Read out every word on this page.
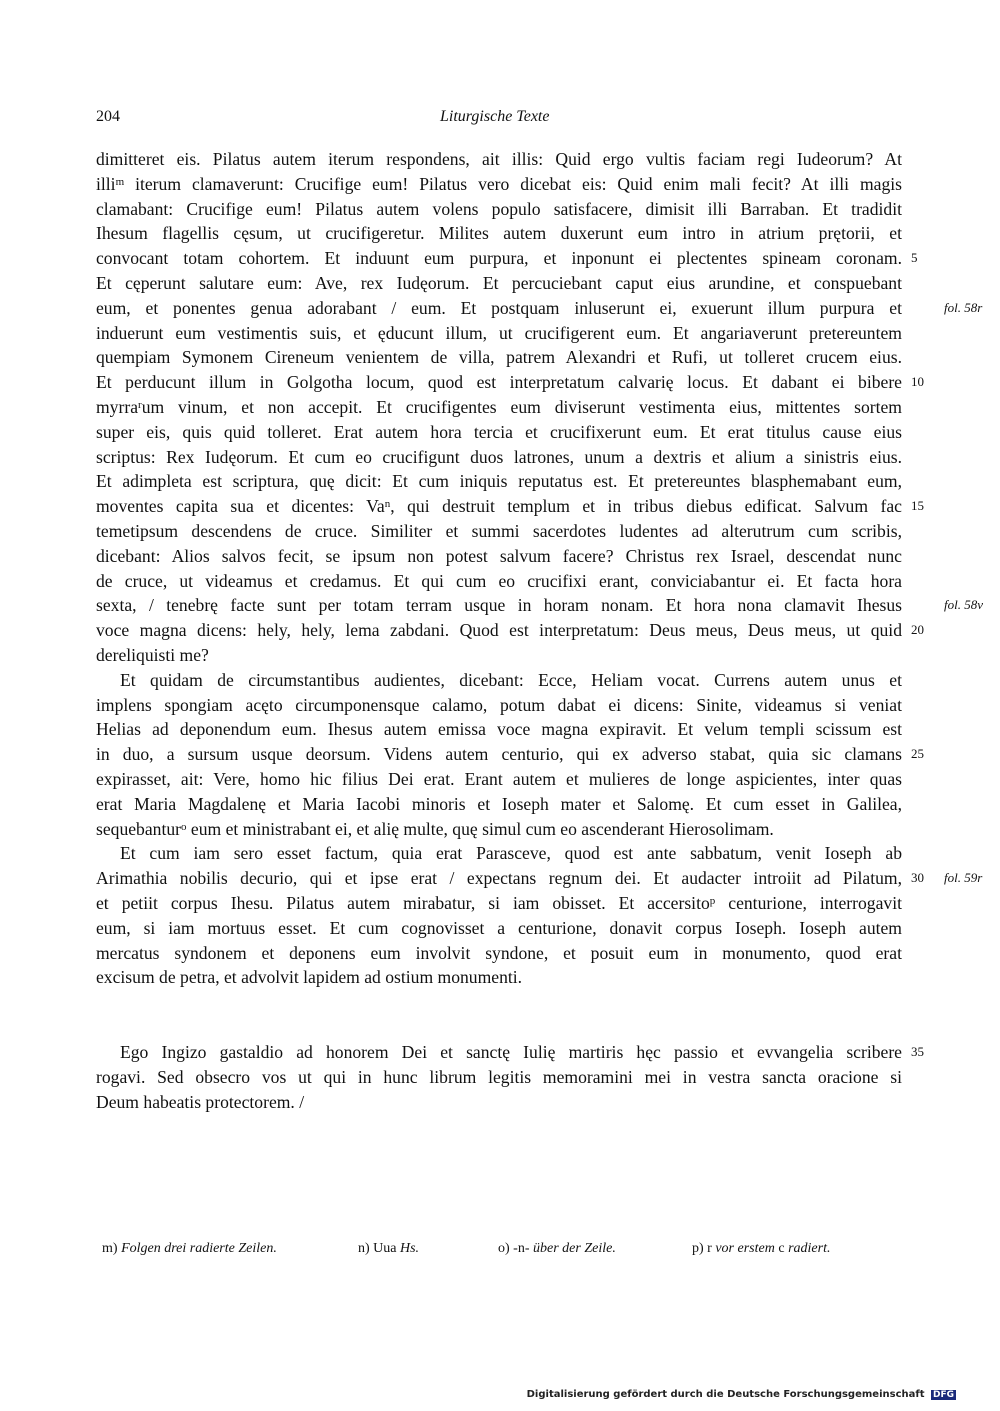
204	Liturgische Texte
dimitteret eis. Pilatus autem iterum respondens, ait illis: Quid ergo vultis faciam regi Iudeorum? At
illi$^m$ iterum clamaverunt: Crucifige eum! Pilatus vero dicebat eis: Quid enim mali fecit? At illi magis
clamabant: Crucifige eum! Pilatus autem volens populo satisfacere, dimisit illi Barraban. Et tradidit
Ihesum flagellis cęsum, ut crucifigeretur. Milites autem duxerunt eum intro in atrium prętorii, et
convocant totam cohortem. Et induunt eum purpura, et inponunt ei plectentes spineam coronam. 5
Et cęperunt salutare eum: Ave, rex Iudęorum. Et percuciebant caput eius arundine, et conspuebant
eum, et ponentes genua adorabant / eum. Et postquam inluserunt ei, exuerunt illum purpura et	fol. 58r
induerunt eum vestimentis suis, et ęducunt illum, ut crucifigerent eum. Et angariaverunt pretereuntem
quempiam Symonem Cireneum venientem de villa, patrem Alexandri et Rufi, ut tolleret crucem eius.
Et perducunt illum in Golgotha locum, quod est interpretatum calvarię locus. Et dabant ei bibere 10
myrra$^r$um vinum, et non accepit. Et crucifigentes eum diviserunt vestimenta eius, mittentes sortem
super eis, quis quid tolleret. Erat autem hora tercia et crucifixerunt eum. Et erat titulus cause eius
scriptus: Rex Iudęorum. Et cum eo crucifigunt duos latrones, unum a dextris et alium a sinistris eius.
Et adimpleta est scriptura, quę dicit: Et cum iniquis reputatus est. Et pretereuntes blasphemabant eum,
moventes capita sua et dicentes: Va$^n$, qui destruit templum et in tribus diebus edificat. Salvum fac 15
temetipsum descendens de cruce. Similiter et summi sacerdotes ludentes ad alterutrum cum scribis,
dicebant: Alios salvos fecit, se ipsum non potest salvum facere? Christus rex Israel, descendat nunc
de cruce, ut videamus et credamus. Et qui cum eo crucifixi erant, conviciabantur ei. Et facta hora
sexta, / tenebrę facte sunt per totam terram usque in horam nonam. Et hora nona clamavit Ihesus	fol. 58v
voce magna dicens: hely, hely, lema zabdani. Quod est interpretatum: Deus meus, Deus meus, ut quid 20
dereliquisti me?
Et quidam de circumstantibus audientes, dicebant: Ecce, Heliam vocat. Currens autem unus et
implens spongiam acęto circumponensque calamo, potum dabat ei dicens: Sinite, videamus si veniat
Helias ad deponendum eum. Ihesus autem emissa voce magna expiravit. Et velum templi scissum est
in duo, a sursum usque deorsum. Videns autem centurio, qui ex adverso stabat, quia sic clamans 25
expirasset, ait: Vere, homo hic filius Dei erat. Erant autem et mulieres de longe aspicientes, inter quas
erat Maria Magdalenę et Maria Iacobi minoris et Ioseph mater et Salomę. Et cum esset in Galilea,
sequebantur$^o$ eum et ministrabant ei, et alię multe, quę simul cum eo ascenderant Hierosolimam.
Et cum iam sero esset factum, quia erat Parasceve, quod est ante sabbatum, venit Ioseph ab
Arimathia nobilis decurio, qui et ipse erat / expectans regnum dei. Et audacter introiit ad Pilatum, 30 fol. 59r
et petiit corpus Ihesu. Pilatus autem mirabatur, si iam obisset. Et accersito$^p$ centurione, interrogavit
eum, si iam mortuus esset. Et cum cognovisset a centurione, donavit corpus Ioseph. Ioseph autem
mercatus syndonem et deponens eum involvit syndone, et posuit eum in monumento, quod erat
excisum de petra, et advolvit lapidem ad ostium monumenti.
Ego Ingizo gastaldio ad honorem Dei et sanctę Iulię martiris hęc passio et evvangelia scribere 35
rogavi. Sed obsecro vos ut qui in hunc librum legitis memoramini mei in vestra sancta oracione si
Deum habeatis protectorem. /
m) Folgen drei radierte Zeilen.	n) Uua Hs.	o) -n- über der Zeile.	p) r vor erstem c radiert.
Digitalisierung gefördert durch die Deutsche Forschungsgemeinschaft DFG
